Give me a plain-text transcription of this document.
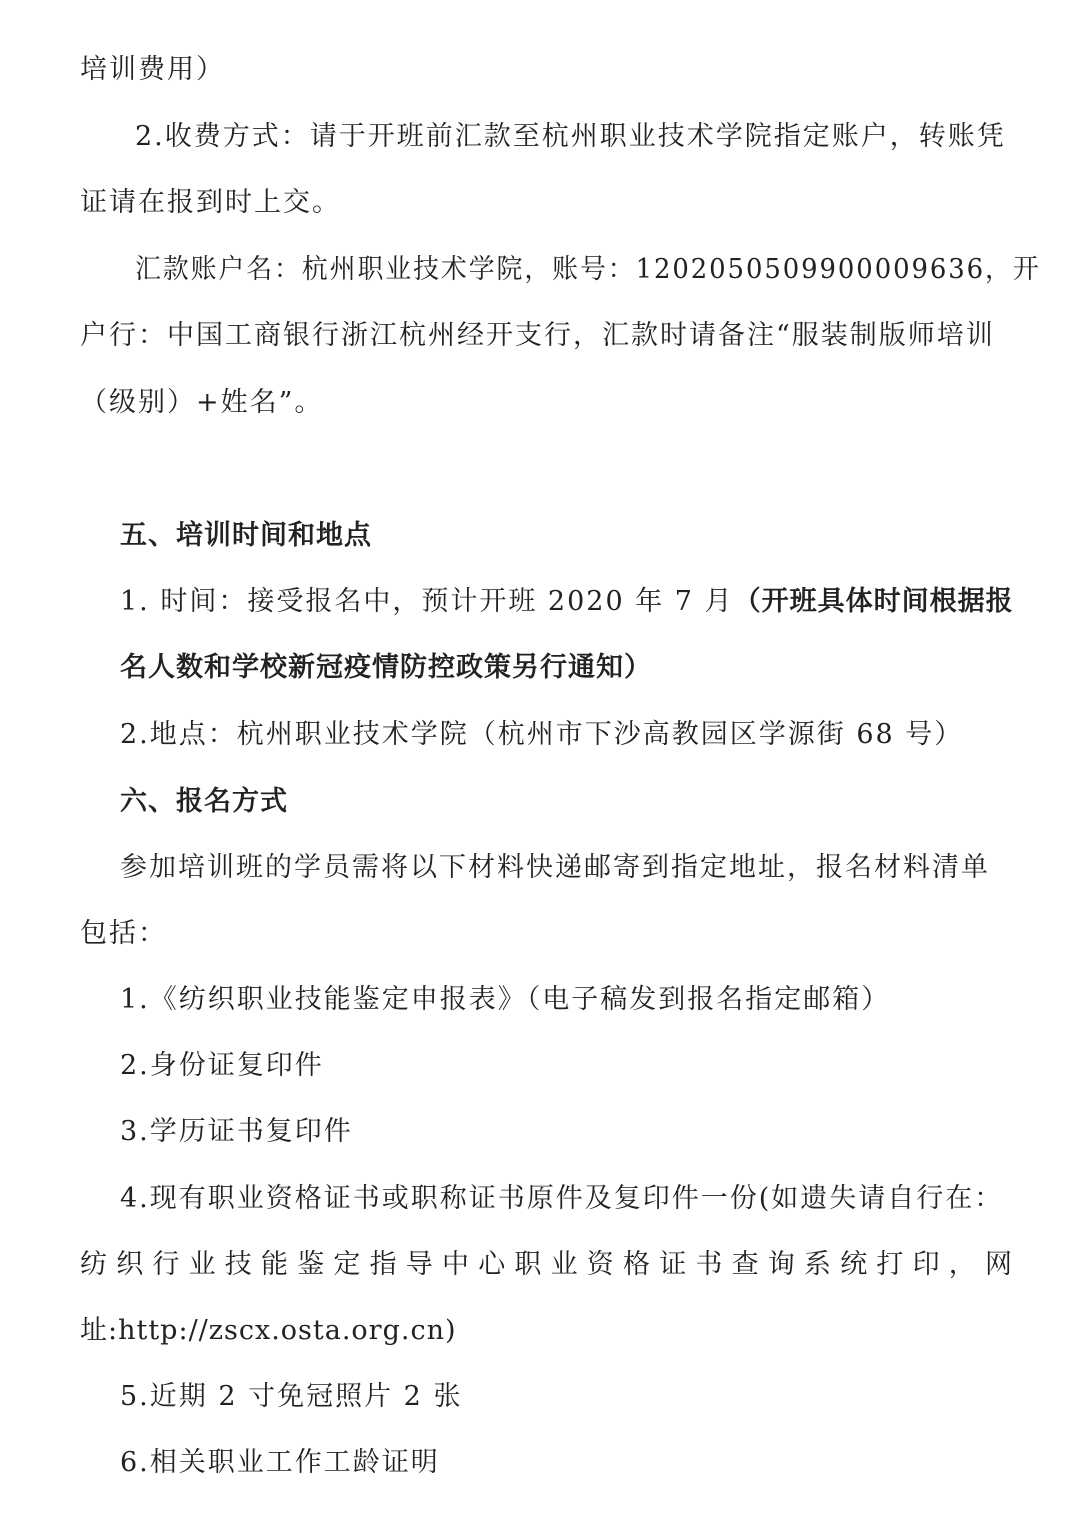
培训费用）

2.收费方式：请于开班前汇款至杭州职业技术学院指定账户，转账凭

证请在报到时上交。

汇款账户名：杭州职业技术学院，账号：1202050509900009636，开

户行：中国工商银行浙江杭州经开支行，汇款时请备注“服装制版师培训

（级别）+姓名”。

五、培训时间和地点

1. 时间：接受报名中，预计开班 2020 年 7 月（开班具体时间根据报

名人数和学校新冠疫情防控政策另行通知）

2.地点：杭州职业技术学院（杭州市下沙高教园区学源街 68 号）

六、报名方式

参加培训班的学员需将以下材料快递邮寄到指定地址，报名材料清单

包括：

1.《纺织职业技能鉴定申报表》（电子稿发到报名指定邮箱）

2.身份证复印件

3.学历证书复印件

4.现有职业资格证书或职称证书原件及复印件一份(如遗失请自行在：

纺织行业技能鉴定指导中心职业资格证书查询系统打印，网

址:http://zscx.osta.org.cn)

5.近期 2 寸免冠照片 2 张

6.相关职业工作工龄证明
